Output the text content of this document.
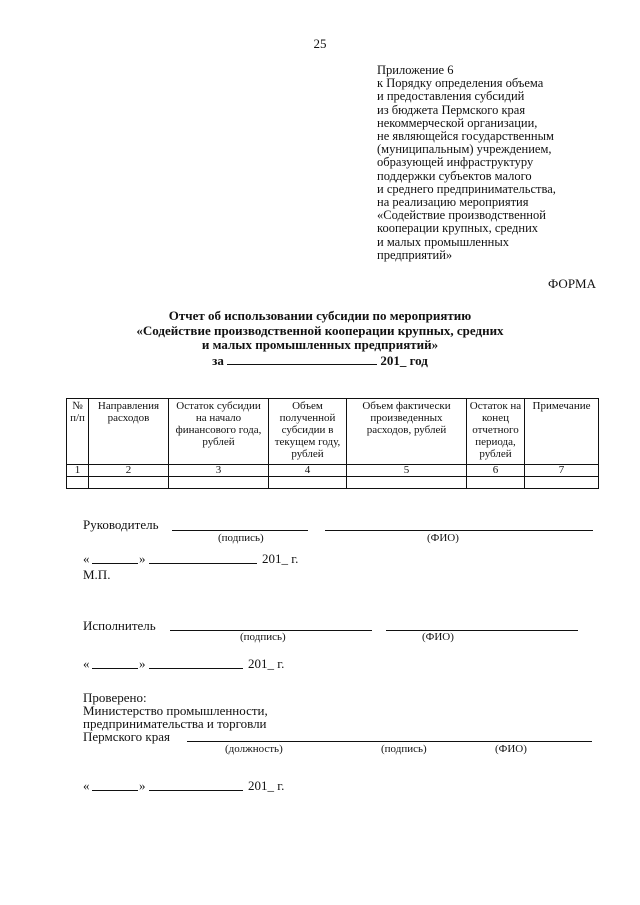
25
Приложение 6
к Порядку определения объема
и предоставления субсидий
из бюджета Пермского края
некоммерческой организации,
не являющейся государственным
(муниципальным) учреждением,
образующей инфраструктуру
поддержки субъектов малого
и среднего предпринимательства,
на реализацию мероприятия
«Содействие производственной
кооперации крупных, средних
и малых промышленных
предприятий»
ФОРМА
Отчет об использовании субсидии по мероприятию
«Содействие производственной кооперации крупных, средних
и малых промышленных предприятий»
за	201_ год
№ п/п	Направления расходов	Остаток субсидии на начало финансового года, рублей	Объем полученной субсидии в текущем году, рублей	Объем фактически произведенных расходов, рублей	Остаток на конец отчетного периода, рублей	Примечание
1	2	3	4	5	6	7

Руководитель
(подпись)	(ФИО)
«	»	201_ г.
М.П.
Исполнитель
(подпись)	(ФИО)
«	»	201_ г.
Проверено:
Министерство промышленности,
предпринимательства и торговли
Пермского края
(должность)	(подпись)	(ФИО)
«	»	201_ г.
